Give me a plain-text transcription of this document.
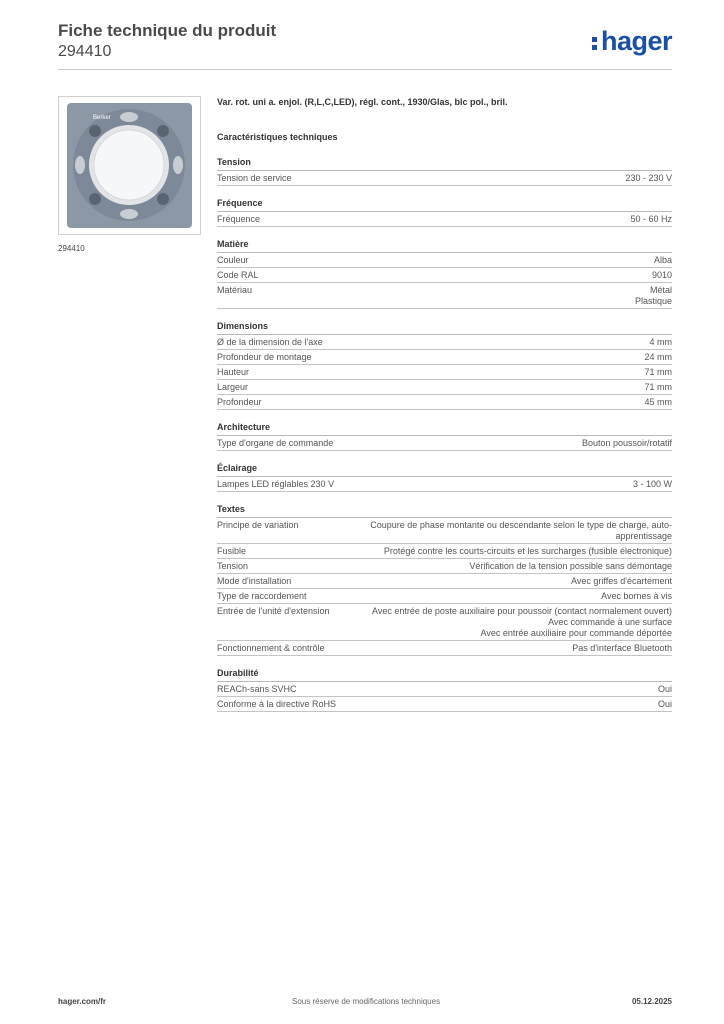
Fiche technique du produit
294410	hager
Berker
294410
Var. rot. uni a. enjol. (R,L,C,LED), régl. cont., 1930/Glas, blc pol., bril.
Caractéristiques techniques
Tension
Tension de service	230 - 230 V
Fréquence
Fréquence	50 - 60 Hz
Matière
Couleur	Alba
Code RAL	9010
Matériau	Métal
Plastique
Dimensions
Ø de la dimension de l'axe	4 mm
Profondeur de montage	24 mm
Hauteur	71 mm
Largeur	71 mm
Profondeur	45 mm
Architecture
Type d'organe de commande	Bouton poussoir/rotatif
Éclairage
Lampes LED réglables 230 V	3 - 100 W
Textes
Principe de variation	Coupure de phase montante ou descendante selon le type de charge, auto-
apprentissage
Fusible	Protégé contre les courts-circuits et les surcharges (fusible électronique)
Tension	Vérification de la tension possible sans démontage
Mode d'installation	Avec griffes d'écartement
Type de raccordement	Avec bornes à vis
Entrée de l'unité d'extension	Avec entrée de poste auxiliaire pour poussoir (contact normalement ouvert)
Avec commande à une surface
Avec entrée auxiliaire pour commande déportée
Fonctionnement & contrôle	Pas d'interface Bluetooth
Durabilité
REACh-sans SVHC	Oui
Conforme à la directive RoHS	Oui
hager.com/fr	Sous réserve de modifications techniques	05.12.2025
